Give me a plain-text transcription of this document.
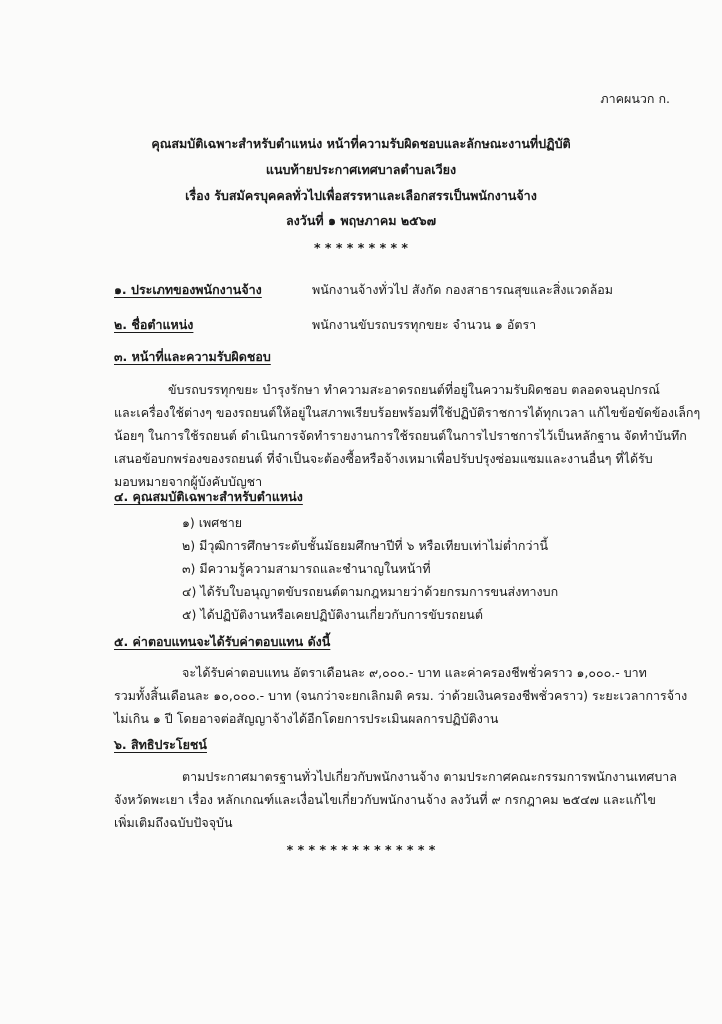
ภาคผนวก ก.
คุณสมบัติเฉพาะสำหรับตำแหน่ง หน้าที่ความรับผิดชอบและลักษณะงานที่ปฏิบัติ
แนบท้ายประกาศเทศบาลตำบลเวียง
เรื่อง รับสมัครบุคคลทั่วไปเพื่อสรรหาและเลือกสรรเป็นพนักงานจ้าง
ลงวันที่ ๑ พฤษภาคม ๒๕๖๗
* * * * * * * * *
๑. ประเภทของพนักงานจ้าง	พนักงานจ้างทั่วไป สังกัด กองสาธารณสุขและสิ่งแวดล้อม
๒. ชื่อตำแหน่ง	พนักงานขับรถบรรทุกขยะ จำนวน ๑ อัตรา
๓. หน้าที่และความรับผิดชอบ
ขับรถบรรทุกขยะ บำรุงรักษา ทำความสะอาดรถยนต์ที่อยู่ในความรับผิดชอบ ตลอดจนอุปกรณ์
และเครื่องใช้ต่างๆ ของรถยนต์ให้อยู่ในสภาพเรียบร้อยพร้อมที่ใช้ปฏิบัติราชการได้ทุกเวลา แก้ไขข้อขัดข้องเล็กๆ
น้อยๆ ในการใช้รถยนต์ ดำเนินการจัดทำรายงานการใช้รถยนต์ในการไปราชการไว้เป็นหลักฐาน จัดทำบันทึก
เสนอข้อบกพร่องของรถยนต์ ที่จำเป็นจะต้องซื้อหรือจ้างเหมาเพื่อปรับปรุงซ่อมแซมและงานอื่นๆ ที่ได้รับ
มอบหมายจากผู้บังคับบัญชา
๔. คุณสมบัติเฉพาะสำหรับตำแหน่ง
๑) เพศชาย
๒) มีวุฒิการศึกษาระดับชั้นมัธยมศึกษาปีที่ ๖ หรือเทียบเท่าไม่ต่ำกว่านี้
๓) มีความรู้ความสามารถและชำนาญในหน้าที่
๔) ได้รับใบอนุญาตขับรถยนต์ตามกฎหมายว่าด้วยกรมการขนส่งทางบก
๕) ได้ปฏิบัติงานหรือเคยปฏิบัติงานเกี่ยวกับการขับรถยนต์
๕. ค่าตอบแทนจะได้รับค่าตอบแทน ดังนี้
จะได้รับค่าตอบแทน อัตราเดือนละ ๙,๐๐๐.- บาท และค่าครองชีพชั่วคราว ๑,๐๐๐.- บาท
รวมทั้งสิ้นเดือนละ ๑๐,๐๐๐.- บาท (จนกว่าจะยกเลิกมติ ครม. ว่าด้วยเงินครองชีพชั่วคราว) ระยะเวลาการจ้าง
ไม่เกิน ๑ ปี โดยอาจต่อสัญญาจ้างได้อีกโดยการประเมินผลการปฏิบัติงาน
๖. สิทธิประโยชน์
ตามประกาศมาตรฐานทั่วไปเกี่ยวกับพนักงานจ้าง ตามประกาศคณะกรรมการพนักงานเทศบาล
จังหวัดพะเยา เรื่อง หลักเกณฑ์และเงื่อนไขเกี่ยวกับพนักงานจ้าง ลงวันที่ ๙ กรกฎาคม ๒๕๔๗ และแก้ไข
เพิ่มเติมถึงฉบับปัจจุบัน
* * * * * * * * * * * * * *
